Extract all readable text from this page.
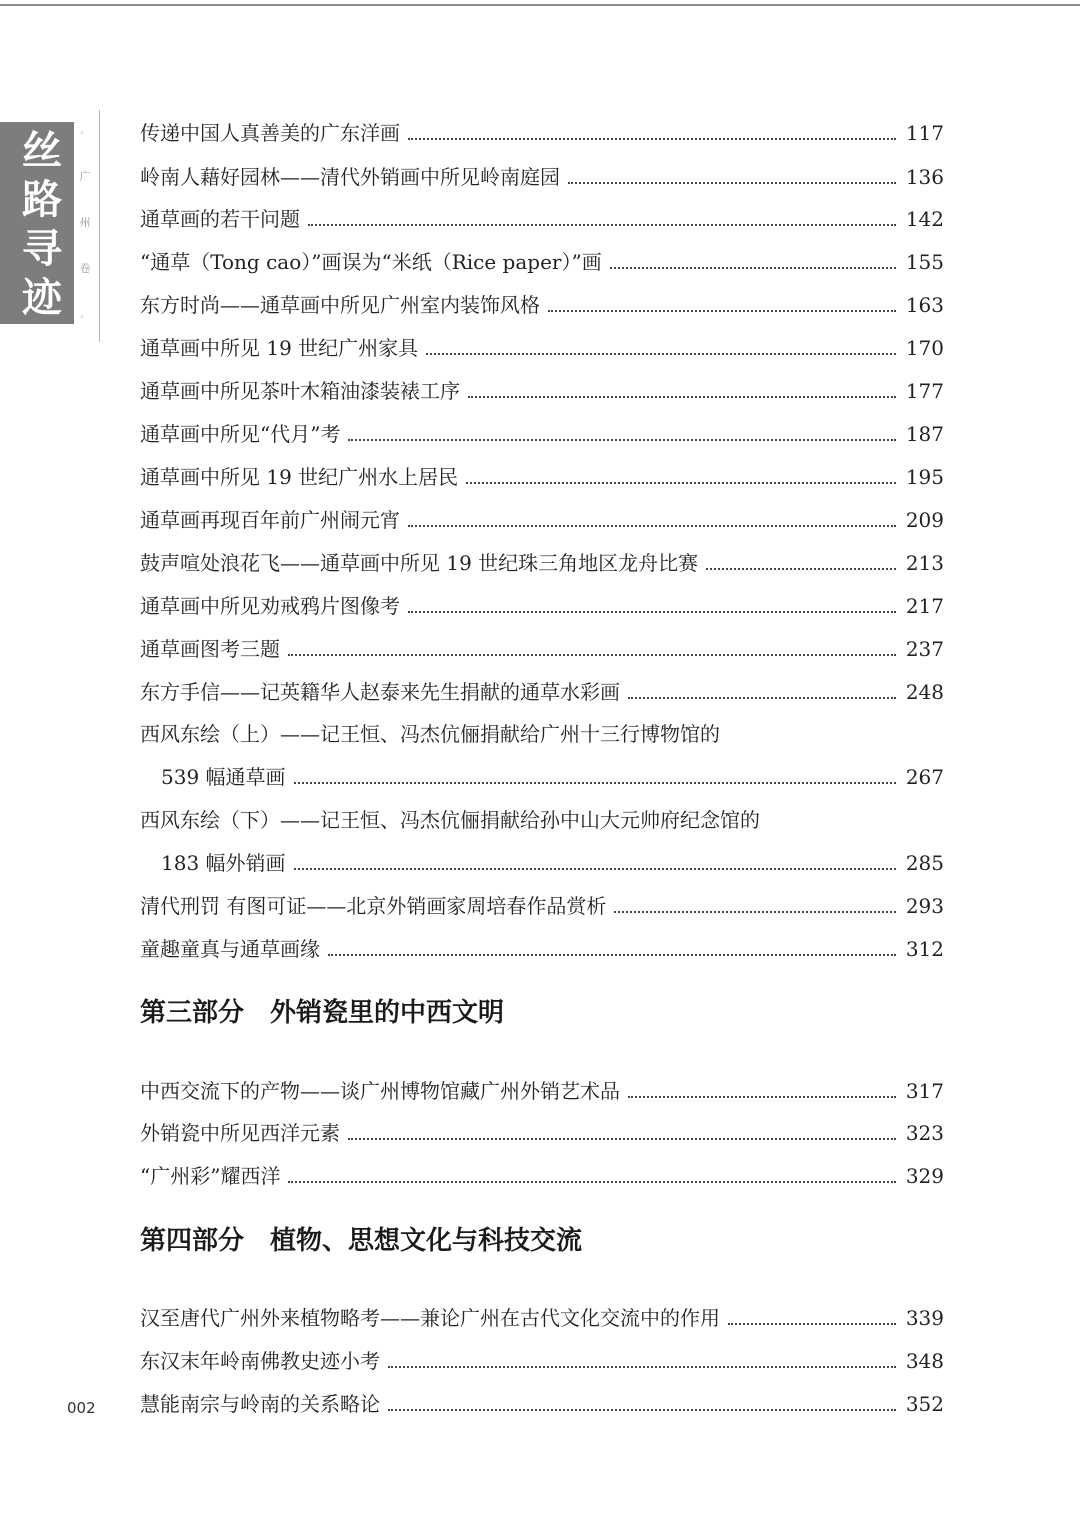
丝
路
寻
迹
。
广
州
卷
。
002
传递中国人真善美的广东洋画	117
岭南人藉好园林——清代外销画中所见岭南庭园	136
通草画的若干问题	142
“通草（Tong cao）”画误为“米纸（Rice paper）”画	155
东方时尚——通草画中所见广州室内装饰风格	163
通草画中所见 19 世纪广州家具	170
通草画中所见茶叶木箱油漆装裱工序	177
通草画中所见“代月”考	187
通草画中所见 19 世纪广州水上居民	195
通草画再现百年前广州闹元宵	209
鼓声喧处浪花飞——通草画中所见 19 世纪珠三角地区龙舟比赛	213
通草画中所见劝戒鸦片图像考	217
通草画图考三题	237
东方手信——记英籍华人赵泰来先生捐献的通草水彩画	248
西风东绘（上）——记王恒、冯杰伉俪捐献给广州十三行博物馆的
539 幅通草画	267
西风东绘（下）——记王恒、冯杰伉俪捐献给孙中山大元帅府纪念馆的
183 幅外销画	285
清代刑罚 有图可证——北京外销画家周培春作品赏析	293
童趣童真与通草画缘	312
第三部分　外销瓷里的中西文明
中西交流下的产物——谈广州博物馆藏广州外销艺术品	317
外销瓷中所见西洋元素	323
“广州彩”耀西洋	329
第四部分　植物、思想文化与科技交流
汉至唐代广州外来植物略考——兼论广州在古代文化交流中的作用	339
东汉末年岭南佛教史迹小考	348
慧能南宗与岭南的关系略论	352
